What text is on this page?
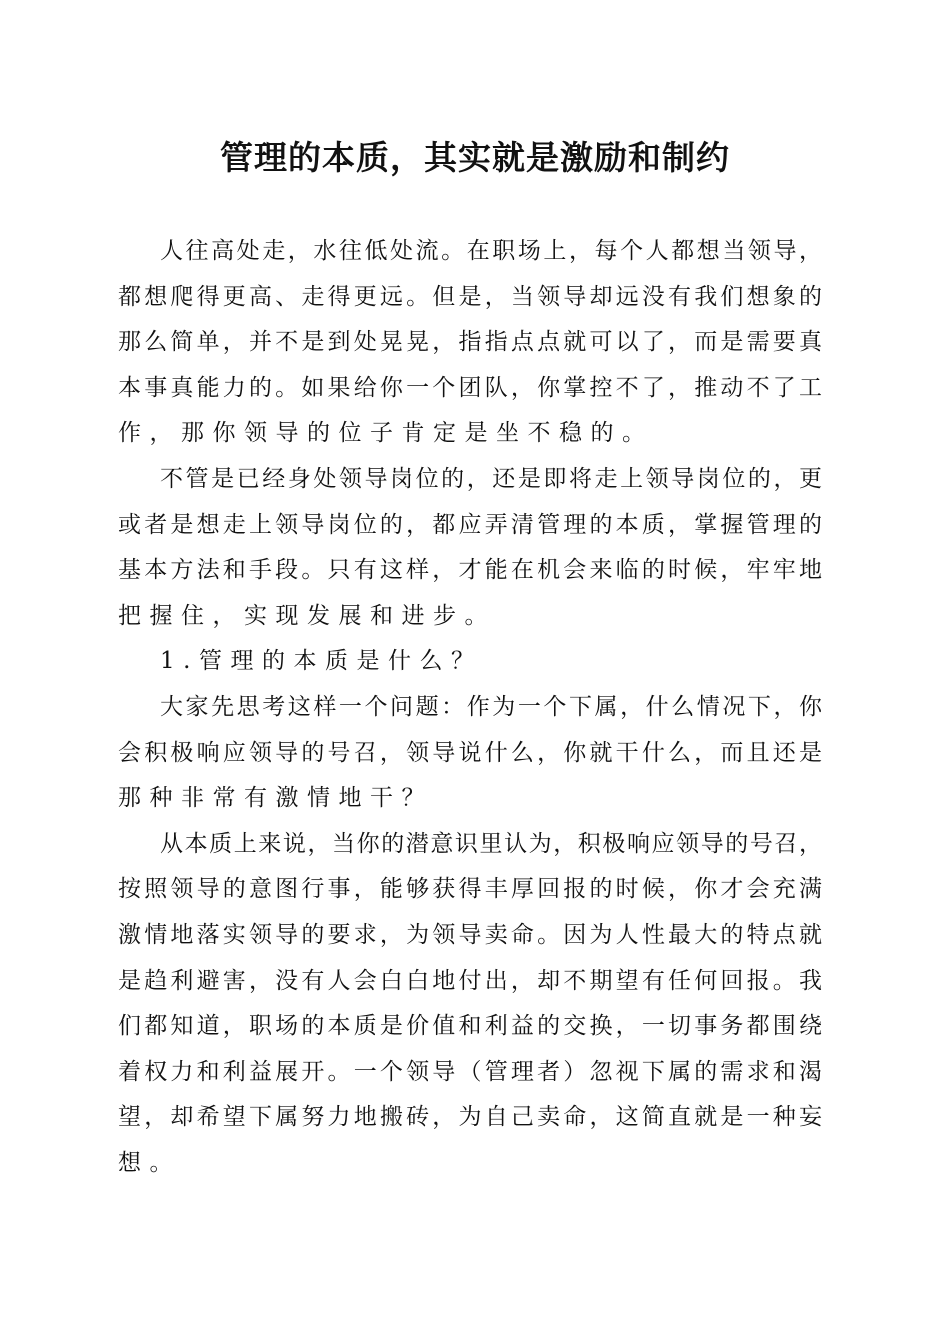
管理的本质，其实就是激励和制约
人往高处走，水往低处流。在职场上，每个人都想当领导，
都想爬得更高、走得更远。但是，当领导却远没有我们想象的
那么简单，并不是到处晃晃，指指点点就可以了，而是需要真
本事真能力的。如果给你一个团队，你掌控不了，推动不了工
作，那你领导的位子肯定是坐不稳的。
不管是已经身处领导岗位的，还是即将走上领导岗位的，更
或者是想走上领导岗位的，都应弄清管理的本质，掌握管理的
基本方法和手段。只有这样，才能在机会来临的时候，牢牢地
把握住，实现发展和进步。
1.管理的本质是什么？
大家先思考这样一个问题：作为一个下属，什么情况下，你
会积极响应领导的号召，领导说什么，你就干什么，而且还是
那种非常有激情地干？
从本质上来说，当你的潜意识里认为，积极响应领导的号召，
按照领导的意图行事，能够获得丰厚回报的时候，你才会充满
激情地落实领导的要求，为领导卖命。因为人性最大的特点就
是趋利避害，没有人会白白地付出，却不期望有任何回报。我
们都知道，职场的本质是价值和利益的交换，一切事务都围绕
着权力和利益展开。一个领导（管理者）忽视下属的需求和渴
望，却希望下属努力地搬砖，为自己卖命，这简直就是一种妄
想。
